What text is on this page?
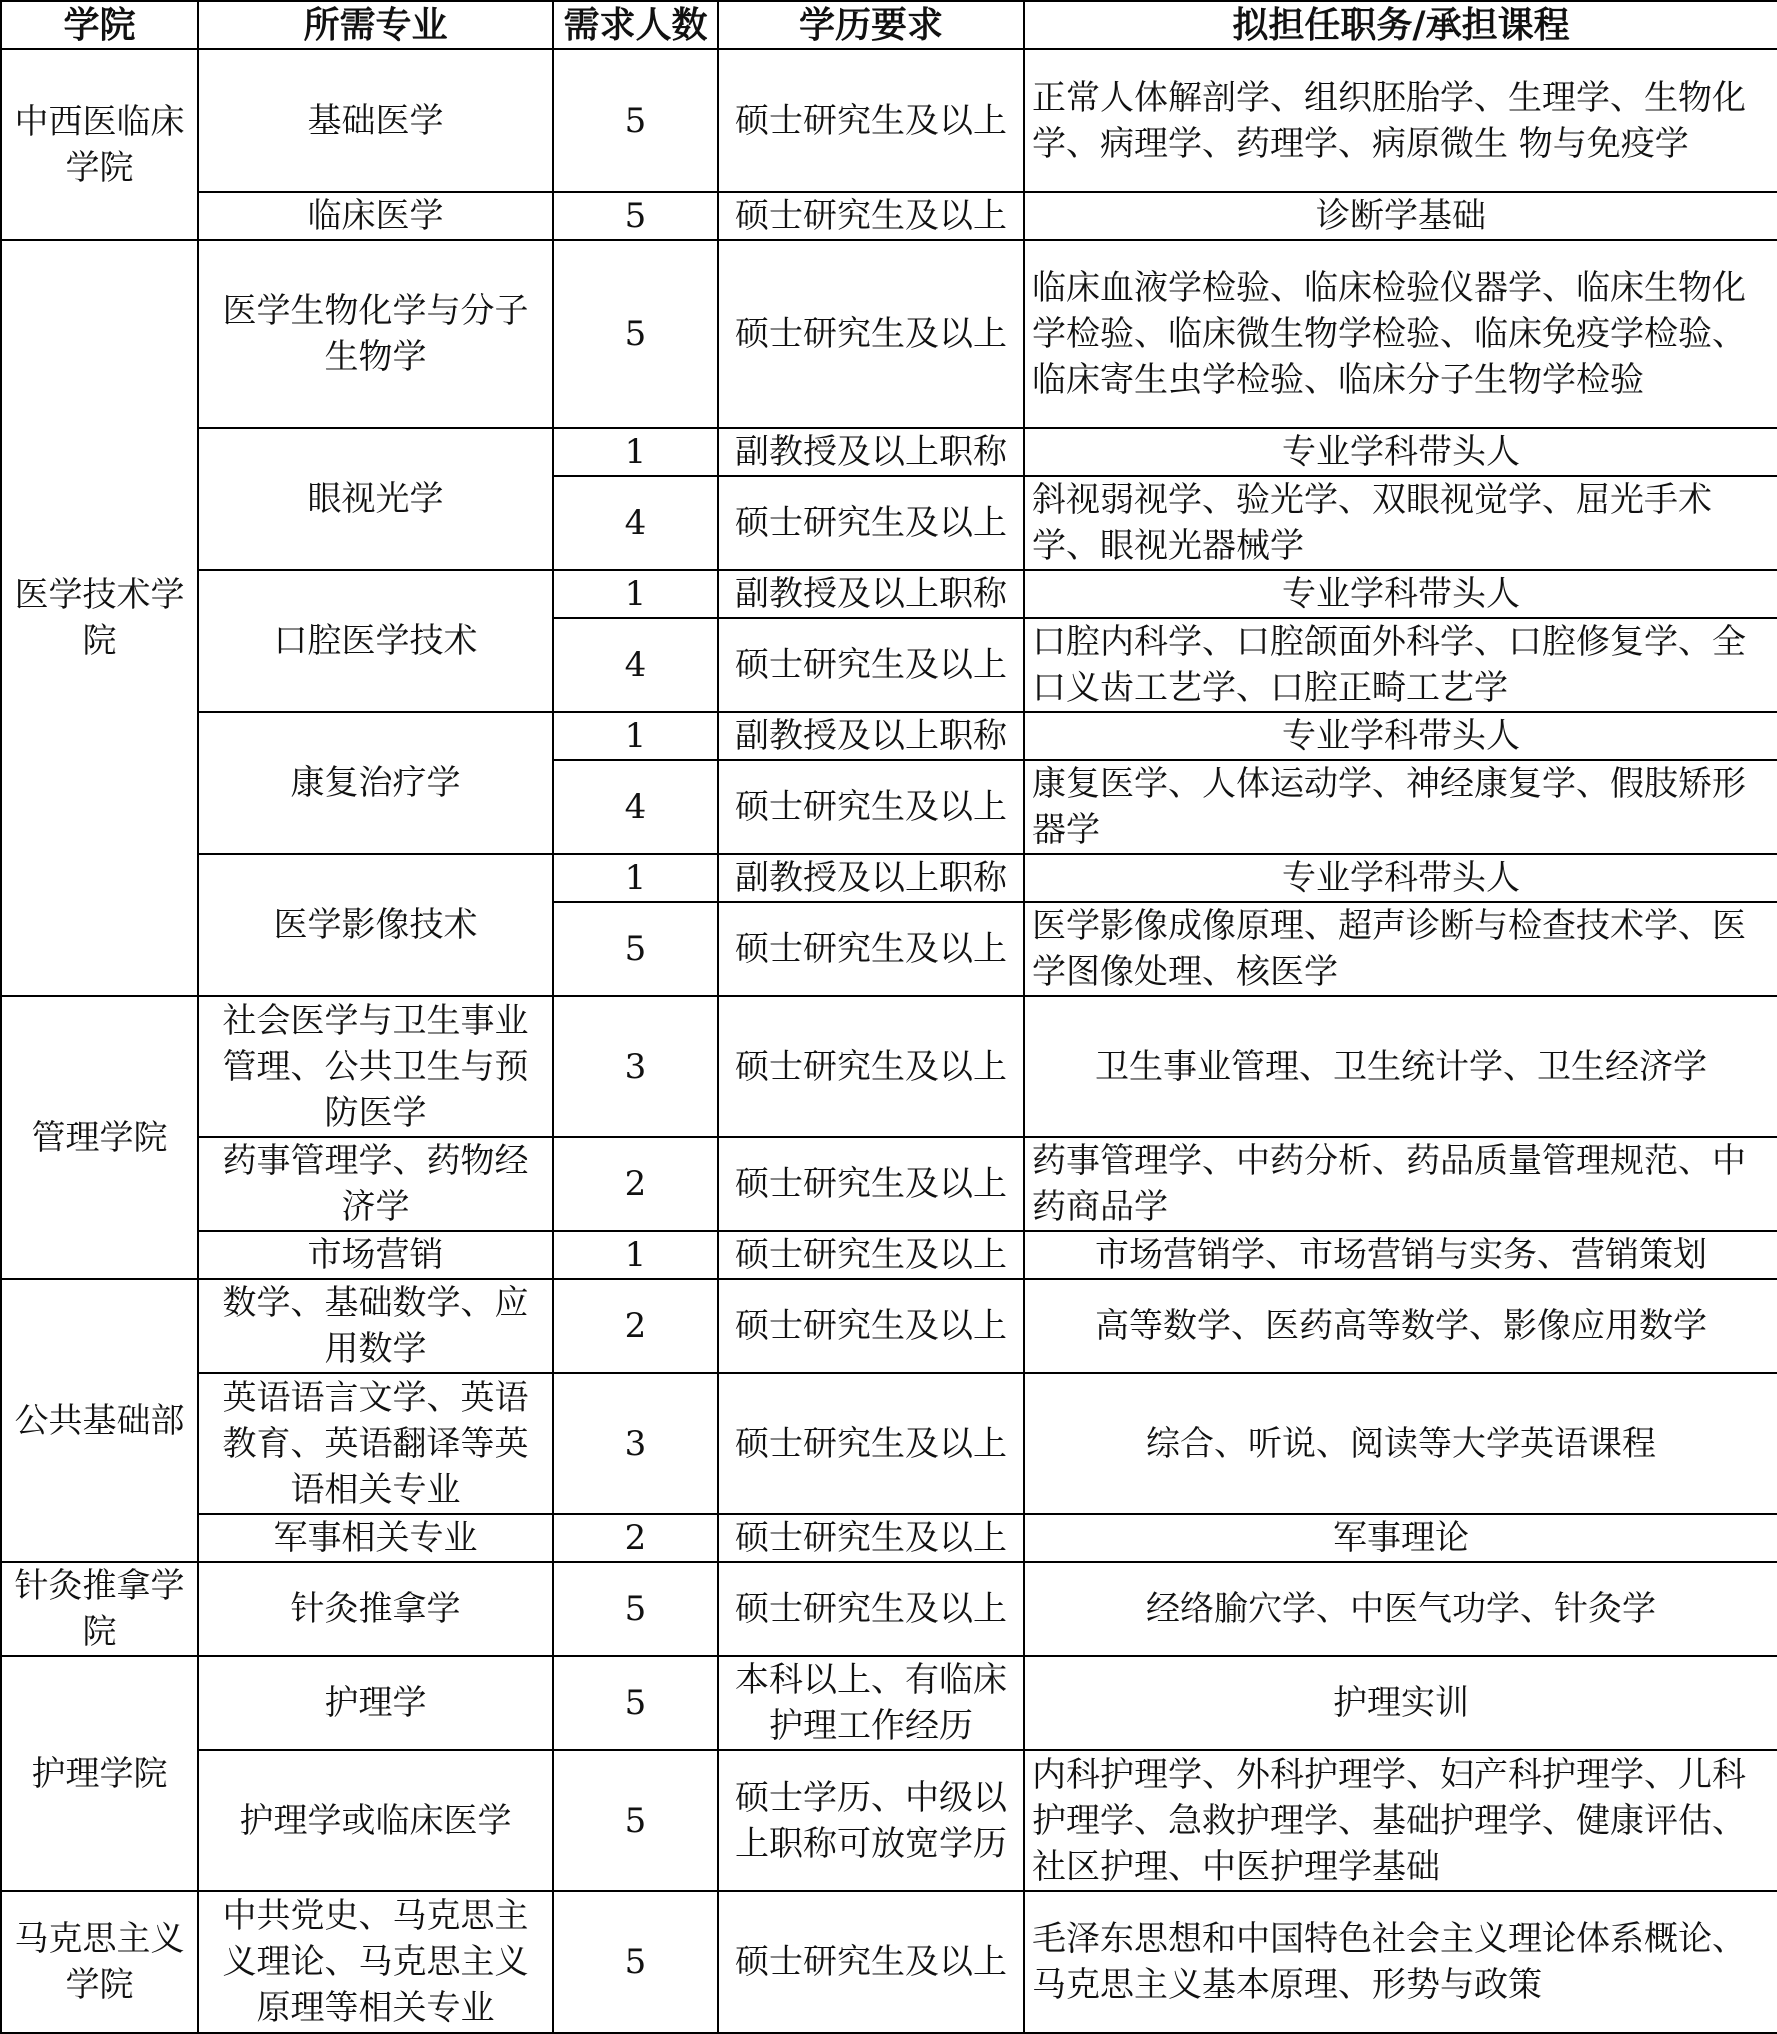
学院	所需专业	需求人数	学历要求	拟担任职务/承担课程
中西医临床学院	基础医学	5	硕士研究生及以上	正常人体解剖学、组织胚胎学、生理学、生物化学、病理学、药理学、病原微生 物与免疫学
	临床医学	5	硕士研究生及以上	诊断学基础
医学技术学院	医学生物化学与分子生物学	5	硕士研究生及以上	临床血液学检验、临床检验仪器学、临床生物化学检验、临床微生物学检验、临床免疫学检验、临床寄生虫学检验、临床分子生物学检验
	眼视光学	1	副教授及以上职称	专业学科带头人
		4	硕士研究生及以上	斜视弱视学、验光学、双眼视觉学、屈光手术学、眼视光器械学
	口腔医学技术	1	副教授及以上职称	专业学科带头人
		4	硕士研究生及以上	口腔内科学、口腔颌面外科学、口腔修复学、全口义齿工艺学、口腔正畸工艺学
	康复治疗学	1	副教授及以上职称	专业学科带头人
		4	硕士研究生及以上	康复医学、人体运动学、神经康复学、假肢矫形器学
	医学影像技术	1	副教授及以上职称	专业学科带头人
		5	硕士研究生及以上	医学影像成像原理、超声诊断与检查技术学、医学图像处理、核医学
管理学院	社会医学与卫生事业管理、公共卫生与预防医学	3	硕士研究生及以上	卫生事业管理、卫生统计学、卫生经济学
	药事管理学、药物经济学	2	硕士研究生及以上	药事管理学、中药分析、药品质量管理规范、中药商品学
	市场营销	1	硕士研究生及以上	市场营销学、市场营销与实务、营销策划
公共基础部	数学、基础数学、应用数学	2	硕士研究生及以上	高等数学、医药高等数学、影像应用数学
	英语语言文学、英语教育、英语翻译等英语相关专业	3	硕士研究生及以上	综合、听说、阅读等大学英语课程
	军事相关专业	2	硕士研究生及以上	军事理论
针灸推拿学院	针灸推拿学	5	硕士研究生及以上	经络腧穴学、中医气功学、针灸学
护理学院	护理学	5	本科以上、有临床护理工作经历	护理实训
	护理学或临床医学	5	硕士学历、中级以上职称可放宽学历	内科护理学、外科护理学、妇产科护理学、儿科护理学、急救护理学、基础护理学、健康评估、社区护理、中医护理学基础
马克思主义学院	中共党史、马克思主义理论、马克思主义原理等相关专业	5	硕士研究生及以上	毛泽东思想和中国特色社会主义理论体系概论、马克思主义基本原理、形势与政策
